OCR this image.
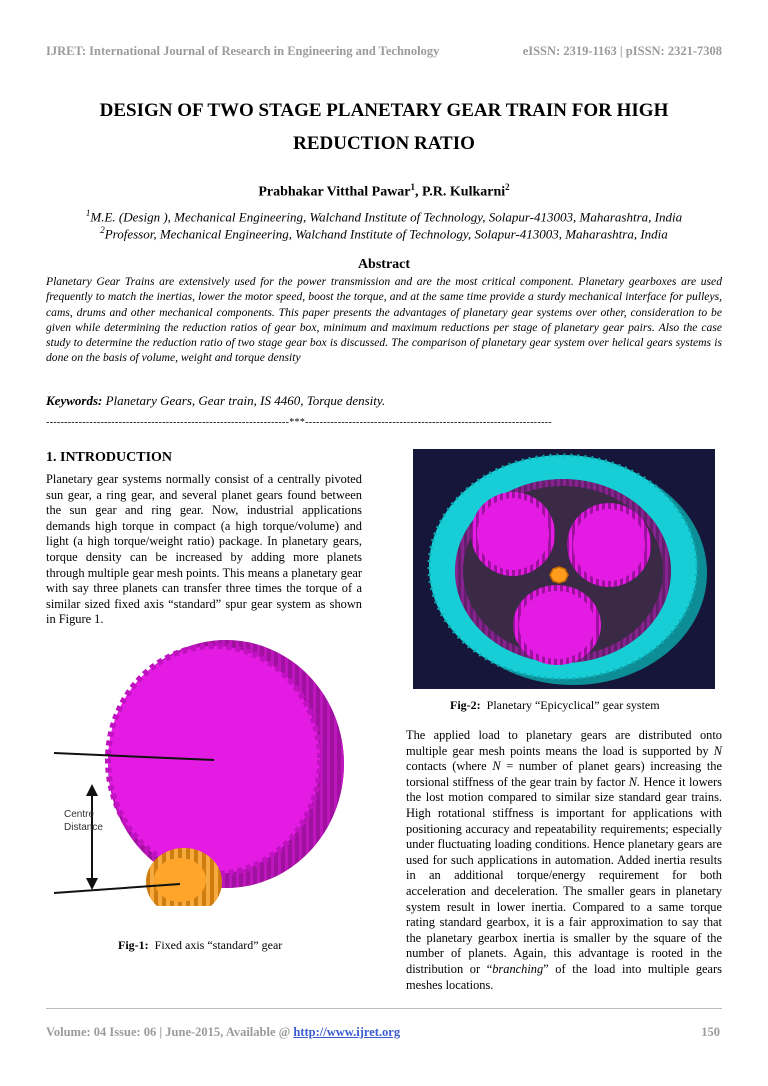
IJRET: International Journal of Research in Engineering and Technology	eISSN: 2319-1163 | pISSN: 2321-7308
DESIGN OF TWO STAGE PLANETARY GEAR TRAIN FOR HIGH
REDUCTION RATIO
Prabhakar Vitthal Pawar$^1$, P.R. Kulkarni$^2$
$^1$M.E. (Design ), Mechanical Engineering, Walchand Institute of Technology, Solapur-413003, Maharashtra, India
$^2$Professor, Mechanical Engineering, Walchand Institute of Technology, Solapur-413003, Maharashtra, India
Abstract
Planetary Gear Trains are extensively used for the power transmission and are the most critical component. Planetary gearboxes are used frequently to match the inertias, lower the motor speed, boost the torque, and at the same time provide a sturdy mechanical interface for pulleys, cams, drums and other mechanical components. This paper presents the advantages of planetary gear systems over other, consideration to be given while determining the reduction ratios of gear box, minimum and maximum reductions per stage of planetary gear pairs. Also the case study to determine the reduction ratio of two stage gear box is discussed. The comparison of planetary gear system over helical gears systems is done on the basis of volume, weight and torque density
Keywords: Planetary Gears, Gear train, IS 4460, Torque density.
-------------------------------------------------------------------***--------------------------------------------------------------------
1. INTRODUCTION
Planetary gear systems normally consist of a centrally pivoted sun gear, a ring gear, and several planet gears found between the sun gear and ring gear. Now, industrial applications demands high torque in compact (a high torque/volume) and light (a high torque/weight ratio) package. In planetary gears, torque density can be increased by adding more planets through multiple gear mesh points. This means a planetary gear with say three planets can transfer three times the torque of a similar sized fixed axis “standard” spur gear system as shown in Figure 1.
Centre
Distance
Fig-1: Fixed axis “standard” gear
Fig-2: Planetary “Epicyclical” gear system
The applied load to planetary gears are distributed onto multiple gear mesh points means the load is supported by N contacts (where N = number of planet gears) increasing the torsional stiffness of the gear train by factor N. Hence it lowers the lost motion compared to similar size standard gear trains. High rotational stiffness is important for applications with positioning accuracy and repeatability requirements; especially under fluctuating loading conditions. Hence planetary gears are used for such applications in automation. Added inertia results in an additional torque/energy requirement for both acceleration and deceleration. The smaller gears in planetary system result in lower inertia. Compared to a same torque rating standard gearbox, it is a fair approximation to say that the planetary gearbox inertia is smaller by the square of the number of planets. Again, this advantage is rooted in the distribution or “branching” of the load into multiple gears meshes locations.
Volume: 04 Issue: 06 | June-2015, Available @ http://www.ijret.org	150
